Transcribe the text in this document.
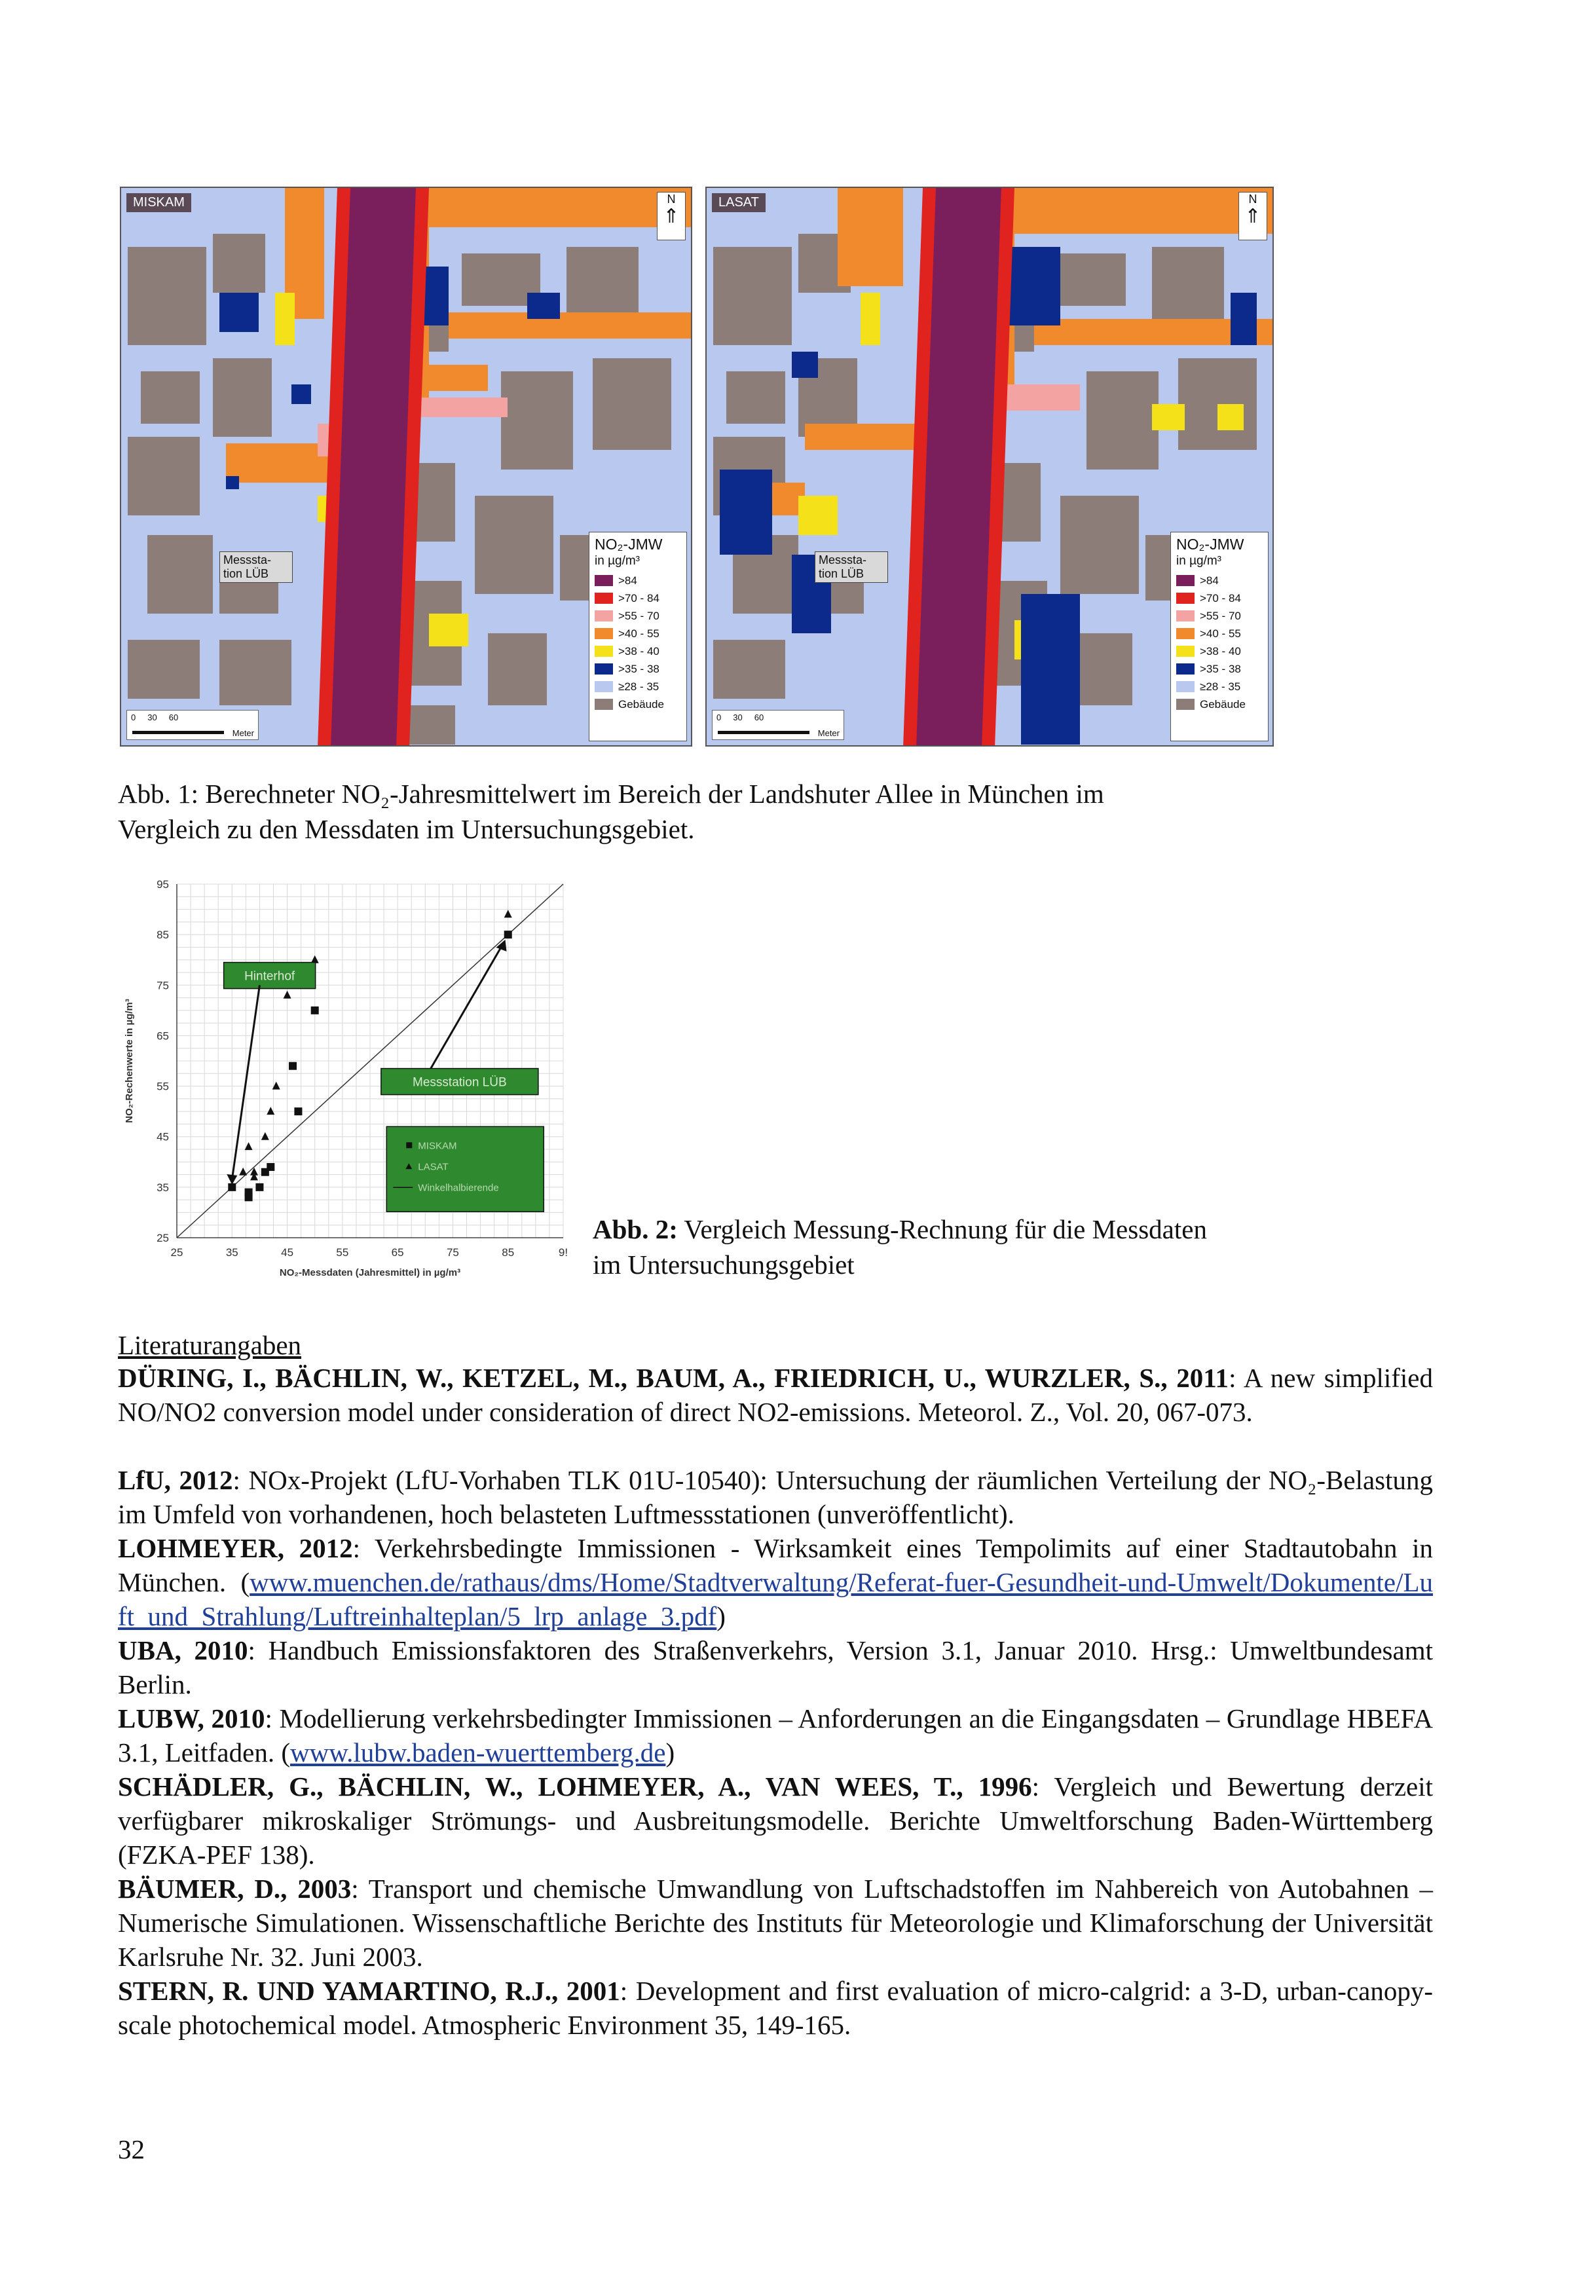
MISKAM	N
⇑
Messsta-
tion LÜB
0     30     60
Meter
NO₂-JMW
in µg/m³
>84
>70 - 84
>55 - 70
>40 - 55
>38 - 40
>35 - 38
≥28 - 35
Gebäude
LASAT	N
⇑
Messsta-
tion LÜB
0     30     60
Meter
NO₂-JMW
in µg/m³
>84
>70 - 84
>55 - 70
>40 - 55
>38 - 40
>35 - 38
≥28 - 35
Gebäude
Abb. 1: Berechneter NO₂-Jahresmittelwert im Bereich der Landshuter Allee in München im
Vergleich zu den Messdaten im Untersuchungsgebiet.
25	35	45	55	65	75	85	9!
25
35
45
55
65
75
85
95
NO₂-Messdaten (Jahresmittel) in µg/m³
NO₂-Rechenwerte in µg/m³
Hinterhof
Messstation LÜB
MISKAM
LASAT
Winkelhalbierende
Abb. 2: Vergleich Messung-Rechnung für die Messdaten
im Untersuchungsgebiet
Literaturangaben
DÜRING, I., BÄCHLIN, W., KETZEL, M., BAUM, A., FRIEDRICH, U., WURZLER, S., 2011: A new simplified NO/NO2 conversion model under consideration of direct NO2-emissions. Meteorol. Z., Vol. 20, 067-073.
LfU, 2012: NOx-Projekt (LfU-Vorhaben TLK 01U-10540): Untersuchung der räumlichen Verteilung der NO₂-Belastung im Umfeld von vorhandenen, hoch belasteten Luftmessstationen (unveröffentlicht).
LOHMEYER, 2012: Verkehrsbedingte Immissionen - Wirksamkeit eines Tempolimits auf einer Stadtautobahn in München. (www.muenchen.de/rathaus/dms/Home/Stadtverwaltung/Referat-fuer-Gesundheit-und-Umwelt/Dokumente/Luft_und_Strahlung/Luftreinhalteplan/5_lrp_anlage_3.pdf)
UBA, 2010: Handbuch Emissionsfaktoren des Straßenverkehrs, Version 3.1, Januar 2010. Hrsg.: Umweltbundesamt Berlin.
LUBW, 2010: Modellierung verkehrsbedingter Immissionen – Anforderungen an die Eingangsdaten – Grundlage HBEFA 3.1, Leitfaden. (www.lubw.baden-wuerttemberg.de)
SCHÄDLER, G., BÄCHLIN, W., LOHMEYER, A., VAN WEES, T., 1996: Vergleich und Bewertung derzeit verfügbarer mikroskaliger Strömungs- und Ausbreitungsmodelle. Berichte Umweltforschung Baden-Württemberg (FZKA-PEF 138).
BÄUMER, D., 2003: Transport und chemische Umwandlung von Luftschadstoffen im Nahbereich von Autobahnen – Numerische Simulationen. Wissenschaftliche Berichte des Instituts für Meteorologie und Klimaforschung der Universität Karlsruhe Nr. 32. Juni 2003.
STERN, R. UND YAMARTINO, R.J., 2001: Development and first evaluation of micro-calgrid: a 3-D, urban-canopy-scale photochemical model. Atmospheric Environment 35, 149-165.
32
